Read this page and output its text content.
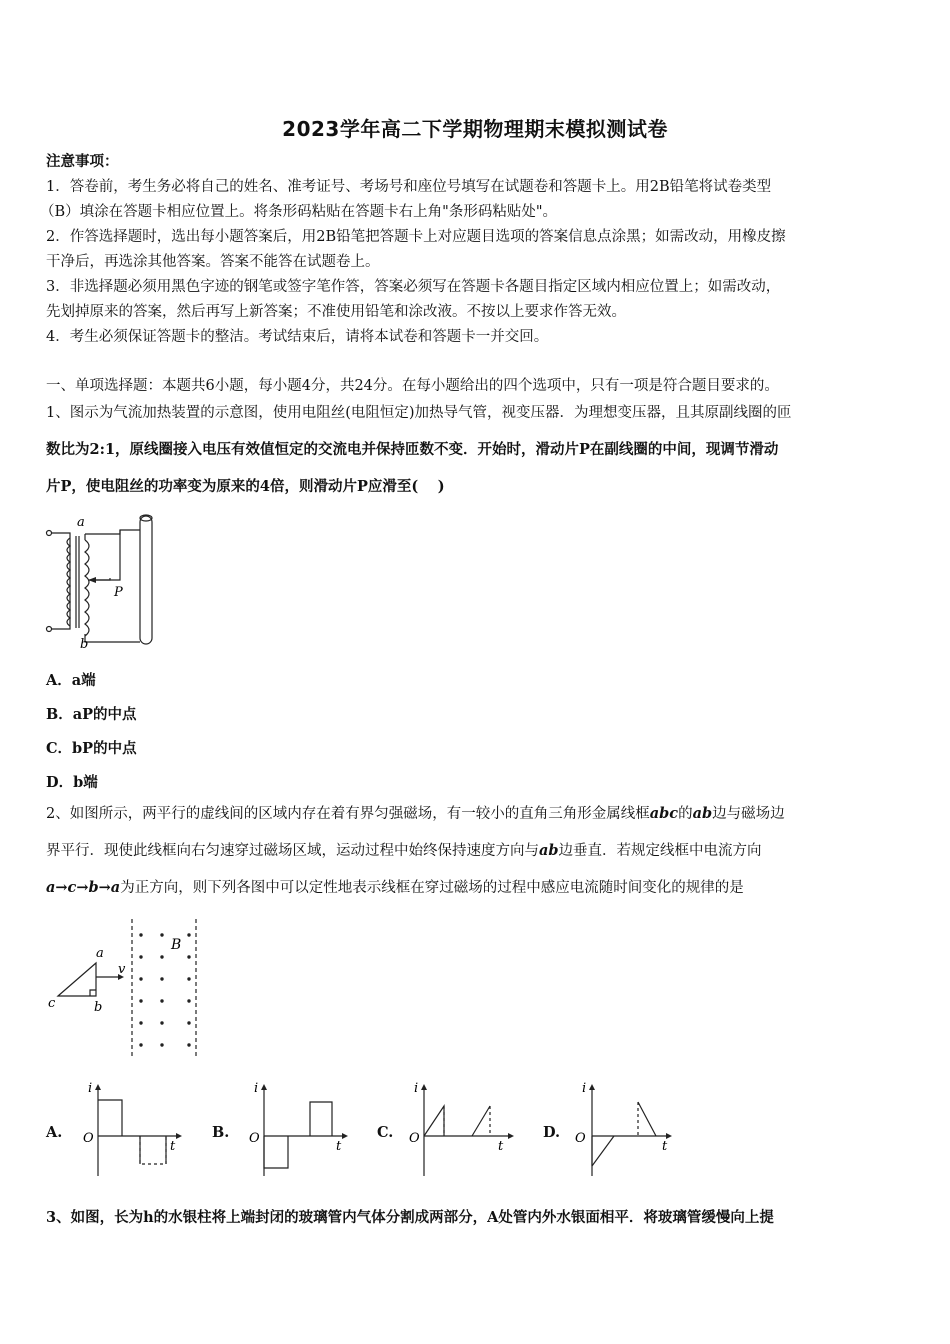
2023学年高二下学期物理期末模拟测试卷
注意事项：
1．答卷前，考生务必将自己的姓名、准考证号、考场号和座位号填写在试题卷和答题卡上。用2B铅笔将试卷类型
（B）填涂在答题卡相应位置上。将条形码粘贴在答题卡右上角"条形码粘贴处"。
2．作答选择题时，选出每小题答案后，用2B铅笔把答题卡上对应题目选项的答案信息点涂黑；如需改动，用橡皮擦
干净后，再选涂其他答案。答案不能答在试题卷上。
3．非选择题必须用黑色字迹的钢笔或签字笔作答，答案必须写在答题卡各题目指定区域内相应位置上；如需改动，
先划掉原来的答案，然后再写上新答案；不准使用铅笔和涂改液。不按以上要求作答无效。
4．考生必须保证答题卡的整洁。考试结束后，请将本试卷和答题卡一并交回。
一、单项选择题：本题共6小题，每小题4分，共24分。在每小题给出的四个选项中，只有一项是符合题目要求的。
1、图示为气流加热装置的示意图，使用电阻丝(电阻恒定)加热导气管，视变压器．为理想变压器，且其原副线圈的匝
数比为2:1，原线圈接入电压有效值恒定的交流电并保持匝数不变．开始时，滑动片P在副线圈的中间，现调节滑动
片P，使电阻丝的功率变为原来的4倍，则滑动片P应滑至(　 )
a
b
P
A．a端
B．aP的中点
C．bP的中点
D．b端
2、如图所示，两平行的虚线间的区域内存在着有界匀强磁场，有一较小的直角三角形金属线框abc的ab边与磁场边
界平行．现使此线框向右匀速穿过磁场区域，运动过程中始终保持速度方向与ab边垂直．若规定线框中电流方向
a→c→b→a为正方向，则下列各图中可以定性地表示线框在穿过磁场的过程中感应电流随时间变化的规律的是
a
b
c
v
B
A.
i
O
t
B.
i
O
t
C.
i
O
t
D.
i
O
t
3、如图，长为h的水银柱将上端封闭的玻璃管内气体分割成两部分，A处管内外水银面相平．将玻璃管缓慢向上提
